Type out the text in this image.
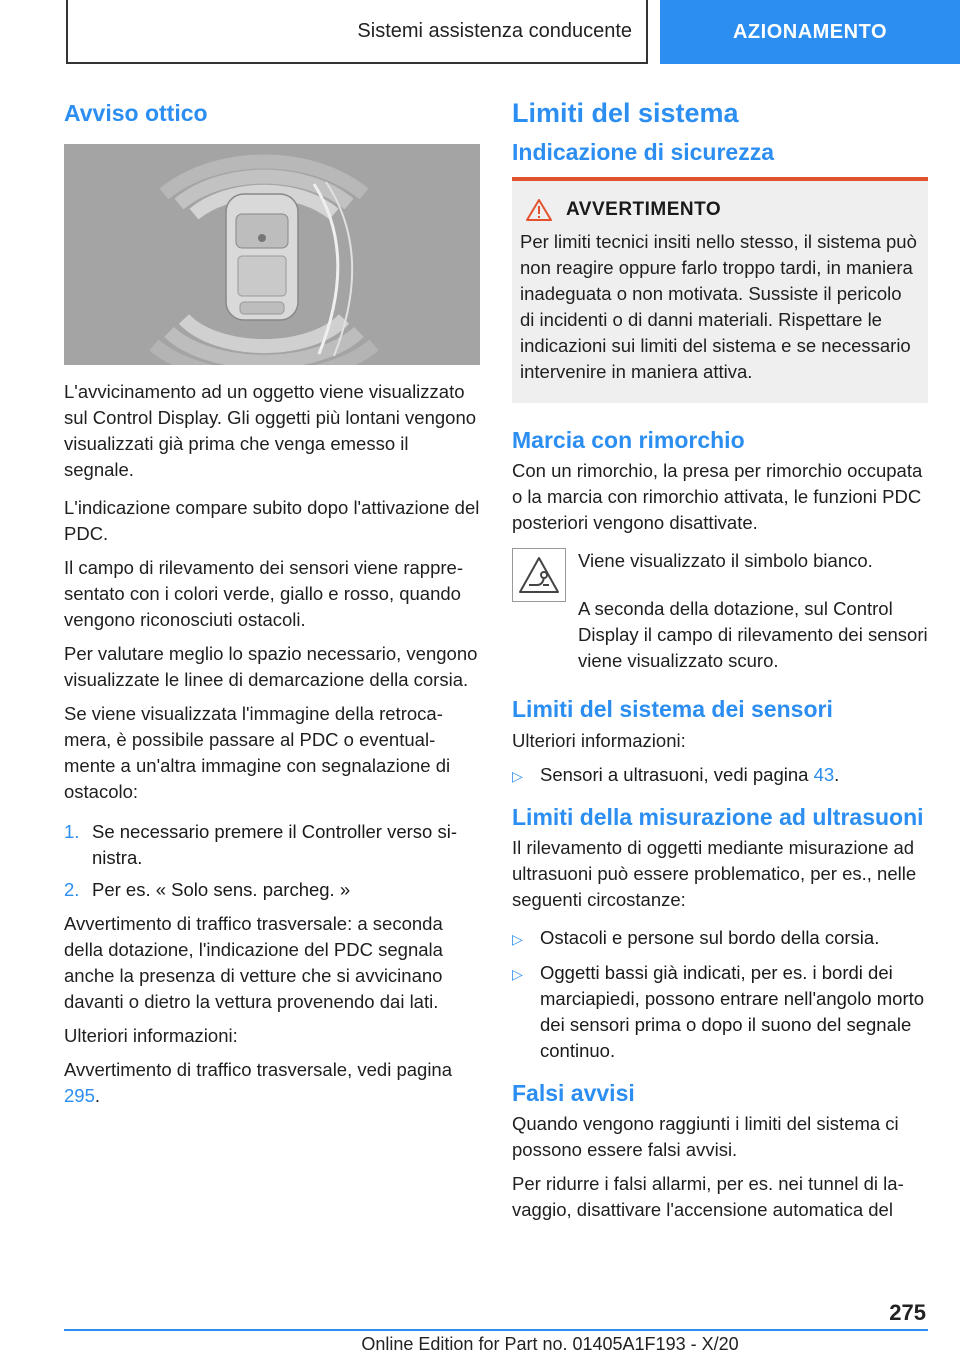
Sistemi assistenza conducente	AZIONAMENTO
Avviso ottico

L'avvicinamento ad un oggetto viene visualizzato sul Control Display. Gli oggetti più lontani vengono visualizzati già prima che venga emesso il segnale.

L'indicazione compare subito dopo l'attivazione del PDC.

Il campo di rilevamento dei sensori viene rappresentato con i colori verde, giallo e rosso, quando vengono riconosciuti ostacoli.

Per valutare meglio lo spazio necessario, vengono visualizzate le linee di demarcazione della corsia.

Se viene visualizzata l'immagine della retrocamera, è possibile passare al PDC o eventualmente a un'altra immagine con segnalazione di ostacolo:

1. Se necessario premere il Controller verso sinistra.
2. Per es. « Solo sens. parcheg. »

Avvertimento di traffico trasversale: a seconda della dotazione, l'indicazione del PDC segnala anche la presenza di vetture che si avvicinano davanti o dietro la vettura provenendo dai lati.

Ulteriori informazioni:

Avvertimento di traffico trasversale, vedi pagina 295.

Limiti del sistema
Indicazione di sicurezza
AVVERTIMENTO

Per limiti tecnici insiti nello stesso, il sistema può non reagire oppure farlo troppo tardi, in maniera inadeguata o non motivata. Sussiste il pericolo di incidenti o di danni materiali. Rispettare le indicazioni sui limiti del sistema e se necessario intervenire in maniera attiva.

Marcia con rimorchio

Con un rimorchio, la presa per rimorchio occupata o la marcia con rimorchio attivata, le funzioni PDC posteriori vengono disattivate.

Viene visualizzato il simbolo bianco.

A seconda della dotazione, sul Control Display il campo di rilevamento dei sensori viene visualizzato scuro.

Limiti del sistema dei sensori

Ulteriori informazioni:

▷ Sensori a ultrasuoni, vedi pagina 43.
Limiti della misurazione ad ultrasuoni

Il rilevamento di oggetti mediante misurazione ad ultrasuoni può essere problematico, per es., nelle seguenti circostanze:

▷ Ostacoli e persone sul bordo della corsia.
▷ Oggetti bassi già indicati, per es. i bordi dei marciapiedi, possono entrare nell'angolo morto dei sensori prima o dopo il suono del segnale continuo.
Falsi avvisi

Quando vengono raggiunti i limiti del sistema ci possono essere falsi avvisi.

Per ridurre i falsi allarmi, per es. nei tunnel di lavaggio, disattivare l'accensione automatica del

275
Online Edition for Part no. 01405A1F193 - X/20
